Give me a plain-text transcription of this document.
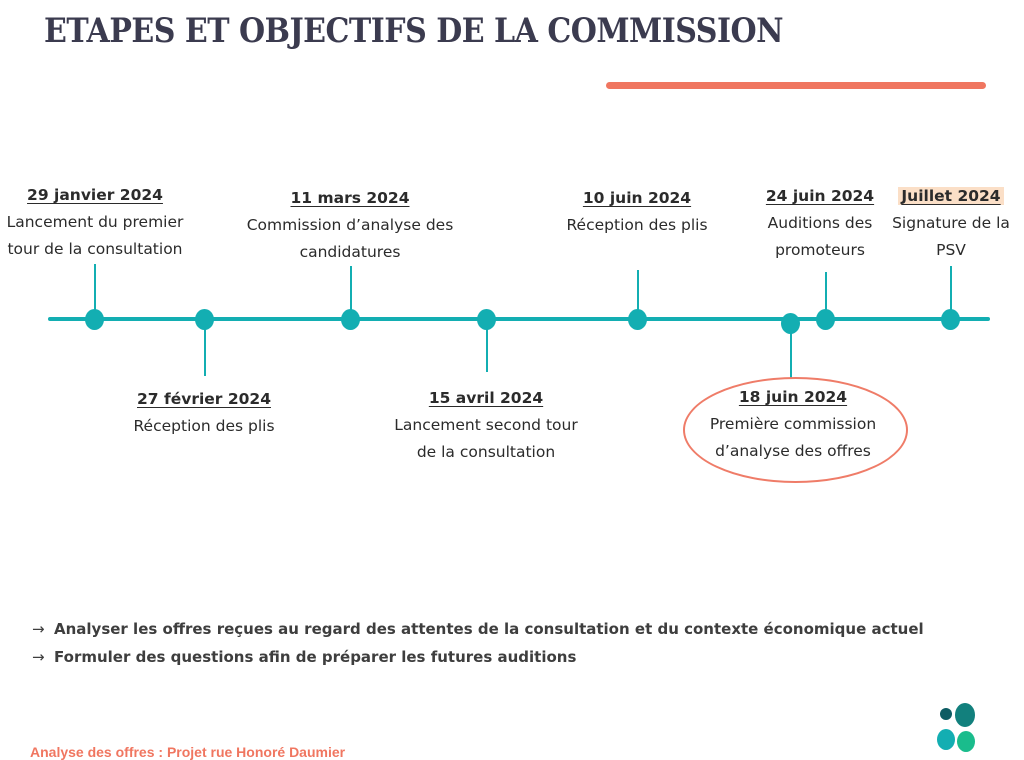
ETAPES ET OBJECTIFS DE LA COMMISSION
29 janvier 2024
Lancement du premier
tour de la consultation
27 février 2024
Réception des plis
11 mars 2024
Commission d’analyse des
candidatures
15 avril 2024
Lancement second tour
de la consultation
10 juin 2024
Réception des plis
18 juin 2024
Première commission
d’analyse des offres
24 juin 2024
Auditions des
promoteurs
Juillet 2024
Signature de la
PSV
→ Analyser les offres reçues au regard des attentes de la consultation et du contexte économique actuel
→ Formuler des questions afin de préparer les futures auditions
Analyse des offres : Projet rue Honoré Daumier
